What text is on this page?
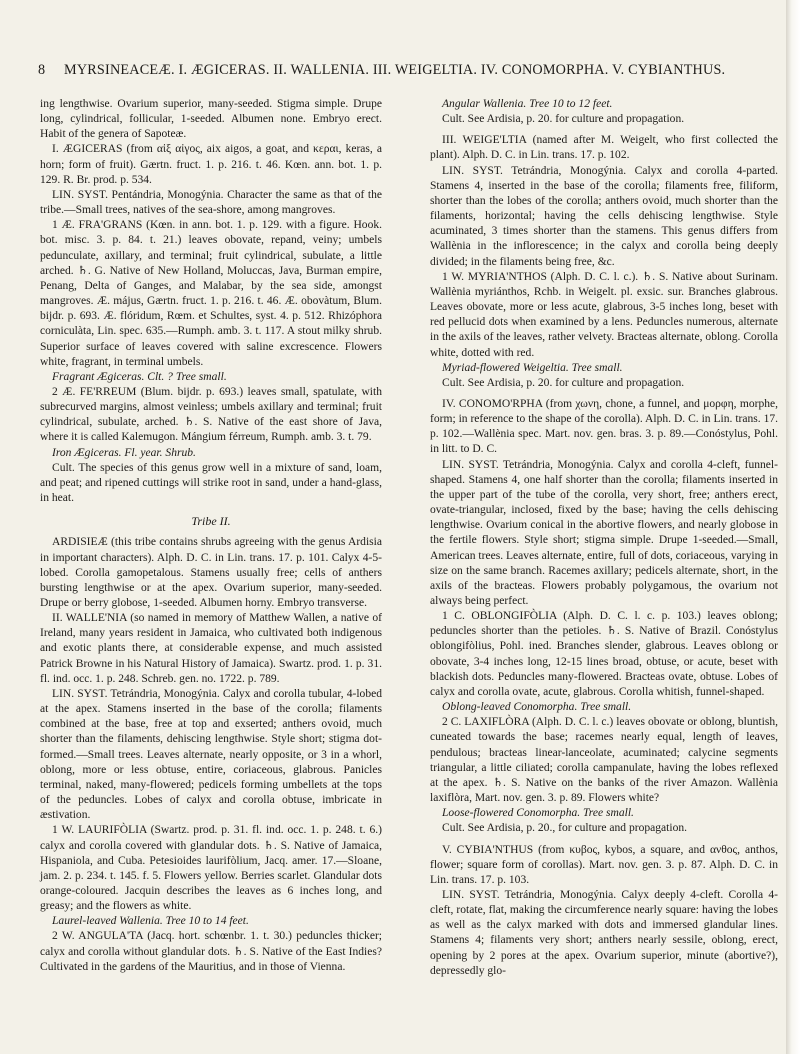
8 MYRSINEACEÆ. I. ÆGICERAS. II. WALLENIA. III. WEIGELTIA. IV. CONOMORPHA. V. CYBIANTHUS.

ing lengthwise. Ovarium superior, many-seeded. Stigma simple. Drupe long, cylindrical, follicular, 1-seeded. Albumen none. Embryo erect. Habit of the genera of Sapoteæ.

I. ÆGICERAS (from αἰξ αἰγος, aix aigos, a goat, and κεραι, keras, a horn; form of fruit). Gærtn. fruct. 1. p. 216. t. 46. Kœn. ann. bot. 1. p. 129. R. Br. prod. p. 534.

LIN. SYST. Pentándria, Monogýnia. Character the same as that of the tribe.—Small trees, natives of the sea-shore, among mangroves.

1 Æ. FRA'GRANS (Kœn. in ann. bot. 1. p. 129. with a figure. Hook. bot. misc. 3. p. 84. t. 21.) leaves obovate, repand, veiny; umbels pedunculate, axillary, and terminal; fruit cylindrical, subulate, a little arched. ♄. G. Native of New Holland, Moluccas, Java, Burman empire, Penang, Delta of Ganges, and Malabar, by the sea side, amongst mangroves. Æ. május, Gærtn. fruct. 1. p. 216. t. 46. Æ. obovàtum, Blum. bijdr. p. 693. Æ. flóridum, Rœm. et Schultes, syst. 4. p. 512. Rhizóphora corniculàta, Lin. spec. 635.—Rumph. amb. 3. t. 117. A stout milky shrub. Superior surface of leaves covered with saline excrescence. Flowers white, fragrant, in terminal umbels.

Fragrant Ægiceras. Clt. ? Tree small.

2 Æ. FE'RREUM (Blum. bijdr. p. 693.) leaves small, spatulate, with subrecurved margins, almost veinless; umbels axillary and terminal; fruit cylindrical, subulate, arched. ♄. S. Native of the east shore of Java, where it is called Kalemugon. Mángium férreum, Rumph. amb. 3. t. 79.

Iron Ægiceras. Fl. year. Shrub.

Cult. The species of this genus grow well in a mixture of sand, loam, and peat; and ripened cuttings will strike root in sand, under a hand-glass, in heat.

Tribe II.

ARDISIEÆ (this tribe contains shrubs agreeing with the genus Ardisia in important characters). Alph. D. C. in Lin. trans. 17. p. 101. Calyx 4-5-lobed. Corolla gamopetalous. Stamens usually free; cells of anthers bursting lengthwise or at the apex. Ovarium superior, many-seeded. Drupe or berry globose, 1-seeded. Albumen horny. Embryo transverse.

II. WALLE'NIA (so named in memory of Matthew Wallen, a native of Ireland, many years resident in Jamaica, who cultivated both indigenous and exotic plants there, at considerable expense, and much assisted Patrick Browne in his Natural History of Jamaica). Swartz. prod. 1. p. 31. fl. ind. occ. 1. p. 248. Schreb. gen. no. 1722. p. 789.

LIN. SYST. Tetrándria, Monogýnia. Calyx and corolla tubular, 4-lobed at the apex. Stamens inserted in the base of the corolla; filaments combined at the base, free at top and exserted; anthers ovoid, much shorter than the filaments, dehiscing lengthwise. Style short; stigma dot-formed.—Small trees. Leaves alternate, nearly opposite, or 3 in a whorl, oblong, more or less obtuse, entire, coriaceous, glabrous. Panicles terminal, naked, many-flowered; pedicels forming umbellets at the tops of the peduncles. Lobes of calyx and corolla obtuse, imbricate in æstivation.

1 W. LAURIFÒLIA (Swartz. prod. p. 31. fl. ind. occ. 1. p. 248. t. 6.) calyx and corolla covered with glandular dots. ♄. S. Native of Jamaica, Hispaniola, and Cuba. Petesioides laurifòlium, Jacq. amer. 17.—Sloane, jam. 2. p. 234. t. 145. f. 5. Flowers yellow. Berries scarlet. Glandular dots orange-coloured. Jacquin describes the leaves as 6 inches long, and greasy; and the flowers as white.

Laurel-leaved Wallenia. Tree 10 to 14 feet.

2 W. ANGULA'TA (Jacq. hort. schœnbr. 1. t. 30.) peduncles thicker; calyx and corolla without glandular dots. ♄. S. Native of the East Indies? Cultivated in the gardens of the Mauritius, and in those of Vienna.

Angular Wallenia. Tree 10 to 12 feet.

Cult. See Ardisia, p. 20. for culture and propagation.

III. WEIGE'LTIA (named after M. Weigelt, who first collected the plant). Alph. D. C. in Lin. trans. 17. p. 102.

LIN. SYST. Tetrándria, Monogýnia. Calyx and corolla 4-parted. Stamens 4, inserted in the base of the corolla; filaments free, filiform, shorter than the lobes of the corolla; anthers ovoid, much shorter than the filaments, horizontal; having the cells dehiscing lengthwise. Style acuminated, 3 times shorter than the stamens. This genus differs from Wallènia in the inflorescence; in the calyx and corolla being deeply divided; in the filaments being free, &c.

1 W. MYRIA'NTHOS (Alph. D. C. l. c.). ♄. S. Native about Surinam. Wallènia myriánthos, Rchb. in Weigelt. pl. exsic. sur. Branches glabrous. Leaves obovate, more or less acute, glabrous, 3-5 inches long, beset with red pellucid dots when examined by a lens. Peduncles numerous, alternate in the axils of the leaves, rather velvety. Bracteas alternate, oblong. Corolla white, dotted with red.

Myriad-flowered Weigeltia. Tree small.

Cult. See Ardisia, p. 20. for culture and propagation.

IV. CONOMO'RPHA (from χωνη, chone, a funnel, and μορφη, morphe, form; in reference to the shape of the corolla). Alph. D. C. in Lin. trans. 17. p. 102.—Wallènia spec. Mart. nov. gen. bras. 3. p. 89.—Conóstylus, Pohl. in litt. to D. C.

LIN. SYST. Tetrándria, Monogýnia. Calyx and corolla 4-cleft, funnel-shaped. Stamens 4, one half shorter than the corolla; filaments inserted in the upper part of the tube of the corolla, very short, free; anthers erect, ovate-triangular, inclosed, fixed by the base; having the cells dehiscing lengthwise. Ovarium conical in the abortive flowers, and nearly globose in the fertile flowers. Style short; stigma simple. Drupe 1-seeded.—Small, American trees. Leaves alternate, entire, full of dots, coriaceous, varying in size on the same branch. Racemes axillary; pedicels alternate, short, in the axils of the bracteas. Flowers probably polygamous, the ovarium not always being perfect.

1 C. OBLONGIFÒLIA (Alph. D. C. l. c. p. 103.) leaves oblong; peduncles shorter than the petioles. ♄. S. Native of Brazil. Conóstylus oblongifòlius, Pohl. ined. Branches slender, glabrous. Leaves oblong or obovate, 3-4 inches long, 12-15 lines broad, obtuse, or acute, beset with blackish dots. Peduncles many-flowered. Bracteas ovate, obtuse. Lobes of calyx and corolla ovate, acute, glabrous. Corolla whitish, funnel-shaped.

Oblong-leaved Conomorpha. Tree small.

2 C. LAXIFLÒRA (Alph. D. C. l. c.) leaves obovate or oblong, bluntish, cuneated towards the base; racemes nearly equal, length of leaves, pendulous; bracteas linear-lanceolate, acuminated; calycine segments triangular, a little ciliated; corolla campanulate, having the lobes reflexed at the apex. ♄. S. Native on the banks of the river Amazon. Wallènia laxiflòra, Mart. nov. gen. 3. p. 89. Flowers white?

Loose-flowered Conomorpha. Tree small.

Cult. See Ardisia, p. 20., for culture and propagation.

V. CYBIA'NTHUS (from κυβος, kybos, a square, and ανθος, anthos, flower; square form of corollas). Mart. nov. gen. 3. p. 87. Alph. D. C. in Lin. trans. 17. p. 103.

LIN. SYST. Tetrándria, Monogýnia. Calyx deeply 4-cleft. Corolla 4-cleft, rotate, flat, making the circumference nearly square: having the lobes as well as the calyx marked with dots and immersed glandular lines. Stamens 4; filaments very short; anthers nearly sessile, oblong, erect, opening by 2 pores at the apex. Ovarium superior, minute (abortive?), depressedly glo-
